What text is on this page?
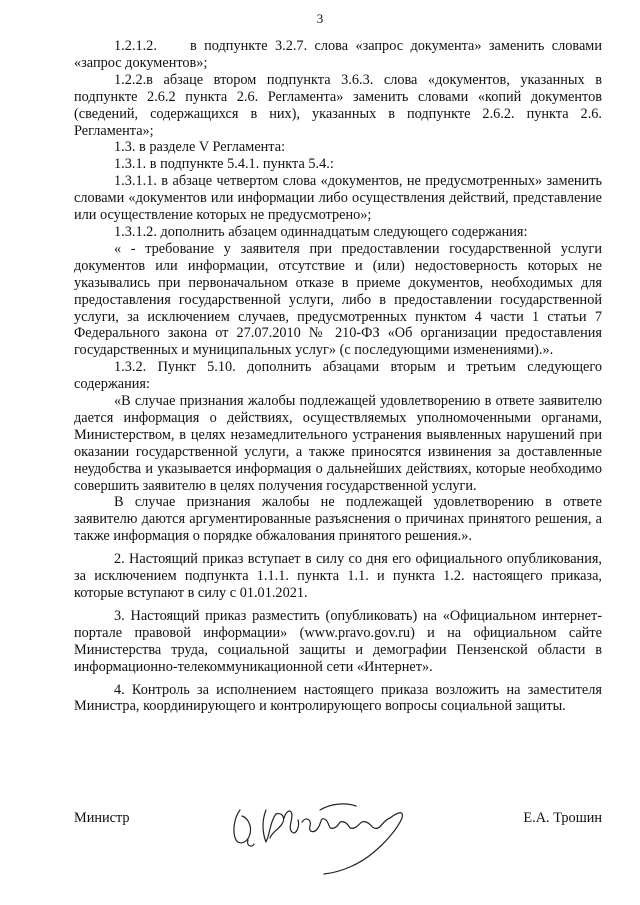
3

1.2.1.2. в подпункте 3.2.7. слова «запрос документа» заменить словами «запрос документов»;

1.2.2.в абзаце втором подпункта 3.6.3. слова «документов, указанных в подпункте 2.6.2 пункта 2.6. Регламента» заменить словами «копий документов (сведений, содержащихся в них), указанных в подпункте 2.6.2. пункта 2.6. Регламента»;

1.3. в разделе V Регламента:

1.3.1. в подпункте 5.4.1. пункта 5.4.:

1.3.1.1. в абзаце четвертом слова «документов, не предусмотренных» заменить словами «документов или информации либо осуществления действий, представление или осуществление которых не предусмотрено»;

1.3.1.2. дополнить абзацем одиннадцатым следующего содержания:

« - требование у заявителя при предоставлении государственной услуги документов или информации, отсутствие и (или) недостоверность которых не указывались при первоначальном отказе в приеме документов, необходимых для предоставления государственной услуги, либо в предоставлении государственной услуги, за исключением случаев, предусмотренных пунктом 4 части 1 статьи 7 Федерального закона от 27.07.2010 № 210-ФЗ «Об организации предоставления государственных и муниципальных услуг» (с последующими изменениями).».

1.3.2. Пункт 5.10. дополнить абзацами вторым и третьим следующего содержания:

«В случае признания жалобы подлежащей удовлетворению в ответе заявителю дается информация о действиях, осуществляемых уполномоченными органами, Министерством, в целях незамедлительного устранения выявленных нарушений при оказании государственной услуги, а также приносятся извинения за доставленные неудобства и указывается информация о дальнейших действиях, которые необходимо совершить заявителю в целях получения государственной услуги.

В случае признания жалобы не подлежащей удовлетворению в ответе заявителю даются аргументированные разъяснения о причинах принятого решения, а также информация о порядке обжалования принятого решения.».

2. Настоящий приказ вступает в силу со дня его официального опубликования, за исключением подпункта 1.1.1. пункта 1.1. и пункта 1.2. настоящего приказа, которые вступают в силу с 01.01.2021.

3. Настоящий приказ разместить (опубликовать) на «Официальном интернет-портале правовой информации» (www.pravo.gov.ru) и на официальном сайте Министерства труда, социальной защиты и демографии Пензенской области в информационно-телекоммуникационной сети «Интернет».

4. Контроль за исполнением настоящего приказа возложить на заместителя Министра, координирующего и контролирующего вопросы социальной защиты.

Министр	Е.А. Трошин
